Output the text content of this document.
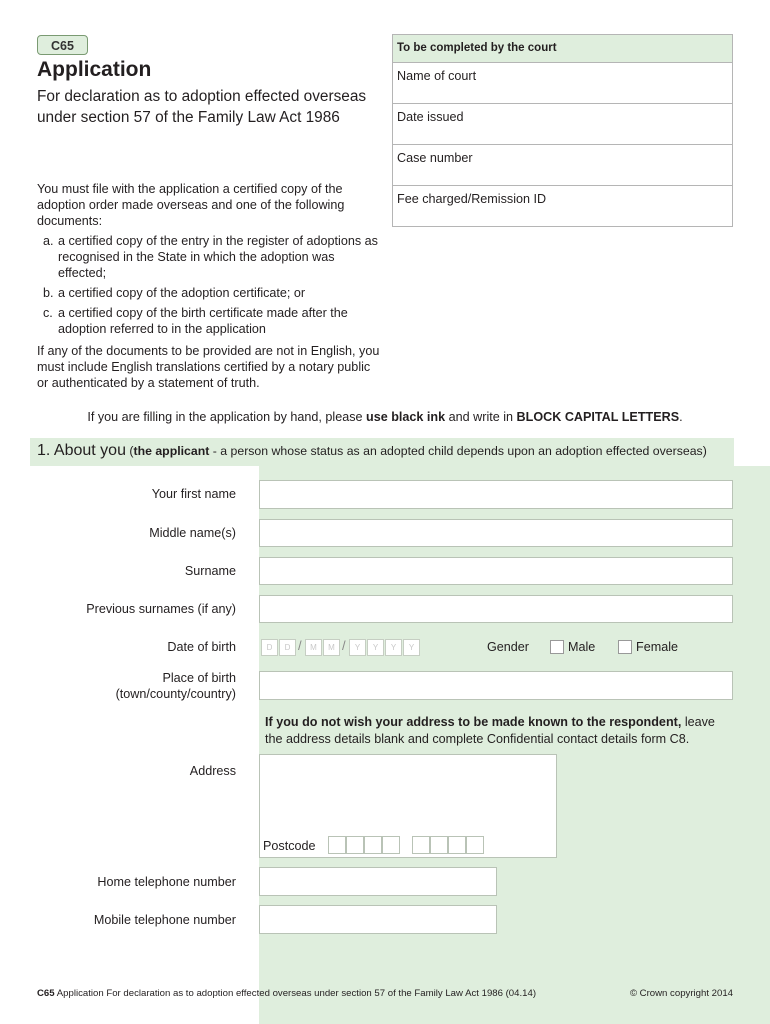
C65
Application
For declaration as to adoption effected overseas under section 57 of the Family Law Act 1986
You must file with the application a certified copy of the adoption order made overseas and one of the following documents:
a. a certified copy of the entry in the register of adoptions as recognised in the State in which the adoption was effected;
b. a certified copy of the adoption certificate; or
c. a certified copy of the birth certificate made after the adoption referred to in the application
If any of the documents to be provided are not in English, you must include English translations certified by a notary public or authenticated by a statement of truth.
If you are filling in the application by hand, please use black ink and write in BLOCK CAPITAL LETTERS.
To be completed by the court
Name of court
Date issued
Case number
Fee charged/Remission ID
1. About you (the applicant - a person whose status as an adopted child depends upon an adoption effected overseas)
Your first name
Middle name(s)
Surname
Previous surnames (if any)
Date of birth	D	D /	M	M /	Y	Y	Y	Y	Gender	Male	Female
Place of birth
(town/county/country)
If you do not wish your address to be made known to the respondent, leave the address details blank and complete Confidential contact details form C8.
Address
Postcode
Home telephone number
Mobile telephone number
C65 Application For declaration as to adoption effected overseas under section 57 of the Family Law Act 1986 (04.14)	© Crown copyright 2014
